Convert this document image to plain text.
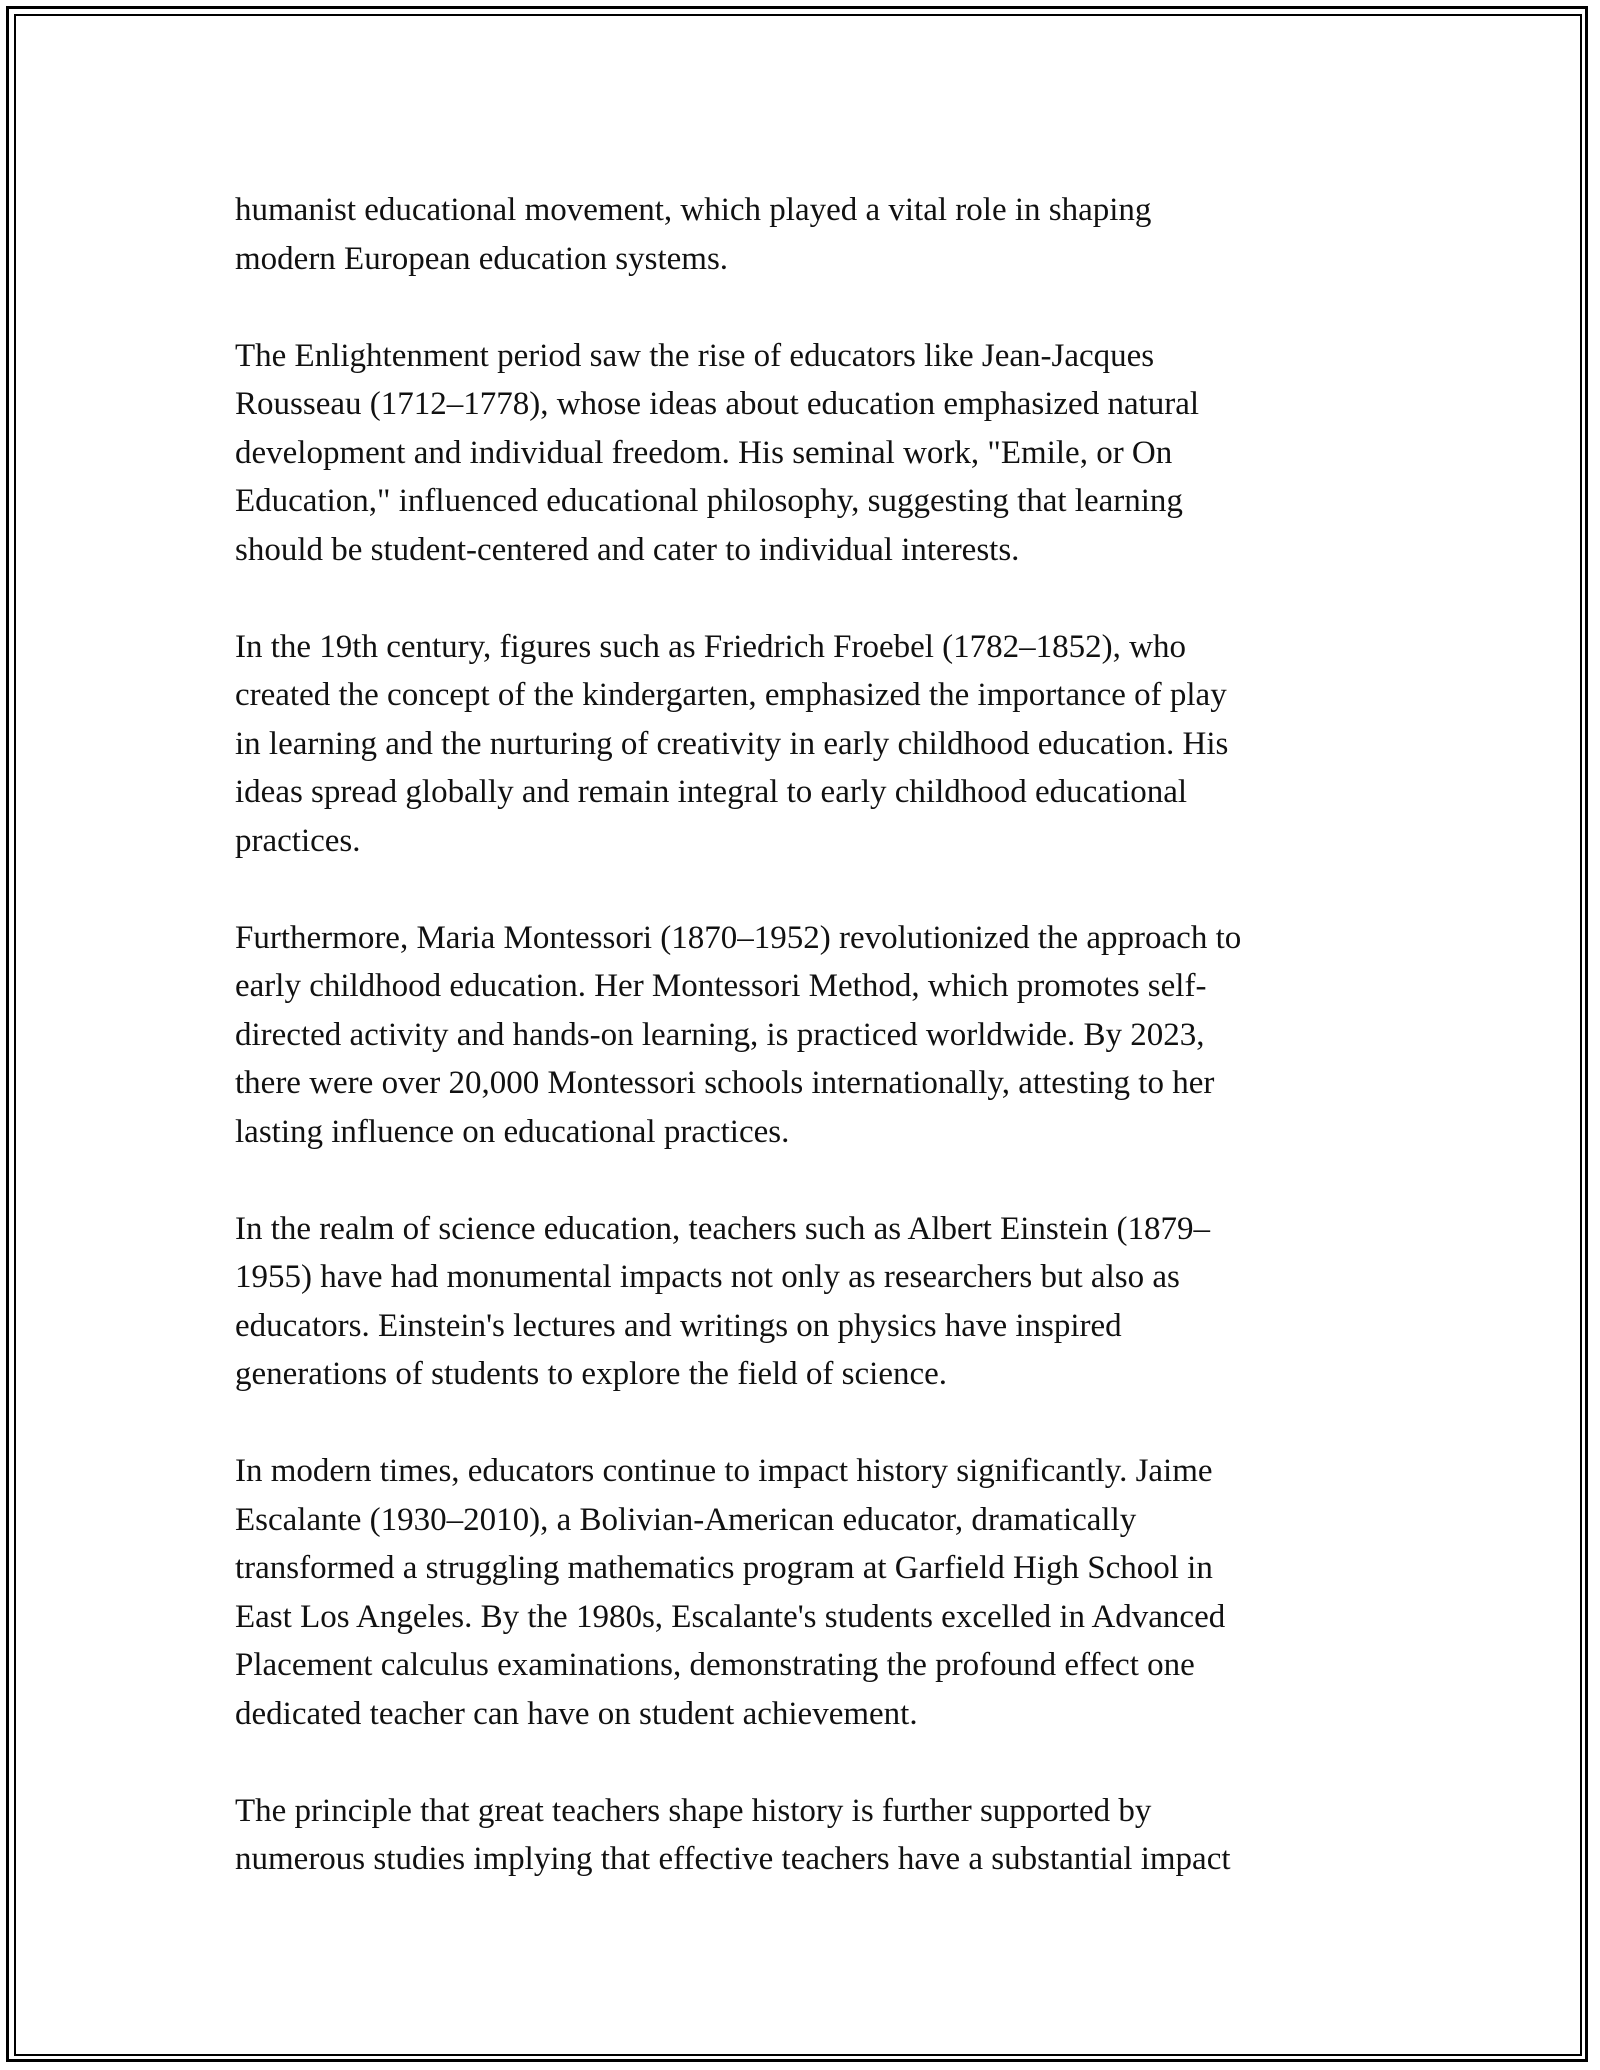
humanist educational movement, which played a vital role in shaping
modern European education systems.

The Enlightenment period saw the rise of educators like Jean-Jacques
Rousseau (1712–1778), whose ideas about education emphasized natural
development and individual freedom. His seminal work, "Emile, or On
Education," influenced educational philosophy, suggesting that learning
should be student-centered and cater to individual interests.

In the 19th century, figures such as Friedrich Froebel (1782–1852), who
created the concept of the kindergarten, emphasized the importance of play
in learning and the nurturing of creativity in early childhood education. His
ideas spread globally and remain integral to early childhood educational
practices.

Furthermore, Maria Montessori (1870–1952) revolutionized the approach to
early childhood education. Her Montessori Method, which promotes self-
directed activity and hands-on learning, is practiced worldwide. By 2023,
there were over 20,000 Montessori schools internationally, attesting to her
lasting influence on educational practices.

In the realm of science education, teachers such as Albert Einstein (1879–
1955) have had monumental impacts not only as researchers but also as
educators. Einstein's lectures and writings on physics have inspired
generations of students to explore the field of science.

In modern times, educators continue to impact history significantly. Jaime
Escalante (1930–2010), a Bolivian-American educator, dramatically
transformed a struggling mathematics program at Garfield High School in
East Los Angeles. By the 1980s, Escalante's students excelled in Advanced
Placement calculus examinations, demonstrating the profound effect one
dedicated teacher can have on student achievement.

The principle that great teachers shape history is further supported by
numerous studies implying that effective teachers have a substantial impact
